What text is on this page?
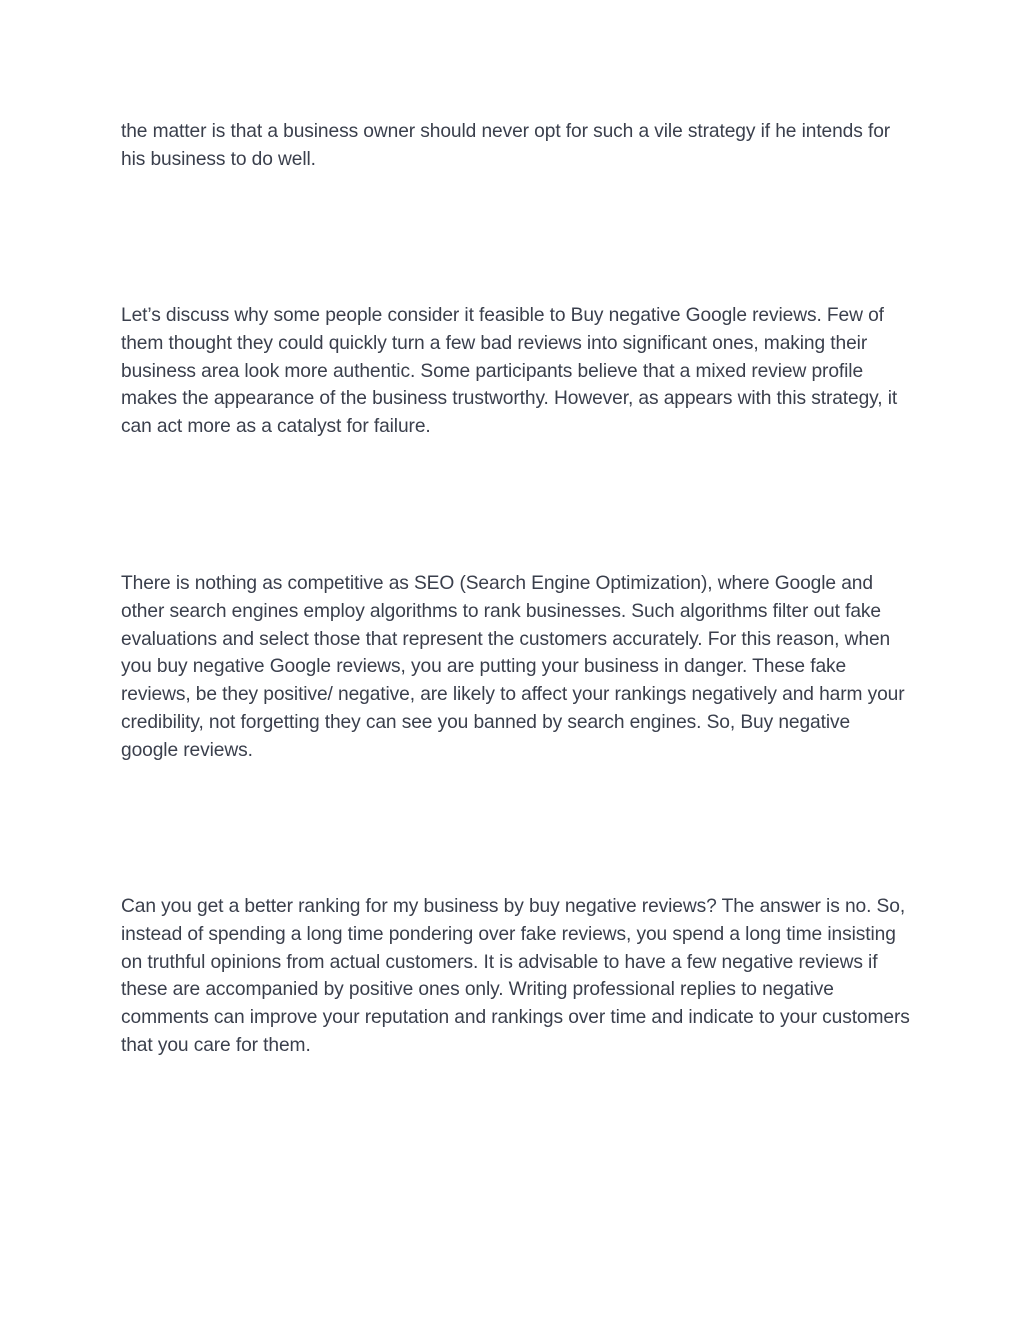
the matter is that a business owner should never opt for such a vile strategy if he intends for his business to do well.

Let’s discuss why some people consider it feasible to Buy negative Google reviews. Few of them thought they could quickly turn a few bad reviews into significant ones, making their business area look more authentic. Some participants believe that a mixed review profile makes the appearance of the business trustworthy. However, as appears with this strategy, it can act more as a catalyst for failure.

There is nothing as competitive as SEO (Search Engine Optimization), where Google and other search engines employ algorithms to rank businesses. Such algorithms filter out fake evaluations and select those that represent the customers accurately. For this reason, when you buy negative Google reviews, you are putting your business in danger. These fake reviews, be they positive/ negative, are likely to affect your rankings negatively and harm your credibility, not forgetting they can see you banned by search engines. So, Buy negative google reviews.

Can you get a better ranking for my business by buy negative reviews? The answer is no. So, instead of spending a long time pondering over fake reviews, you spend a long time insisting on truthful opinions from actual customers. It is advisable to have a few negative reviews if these are accompanied by positive ones only. Writing professional replies to negative comments can improve your reputation and rankings over time and indicate to your customers that you care for them.
